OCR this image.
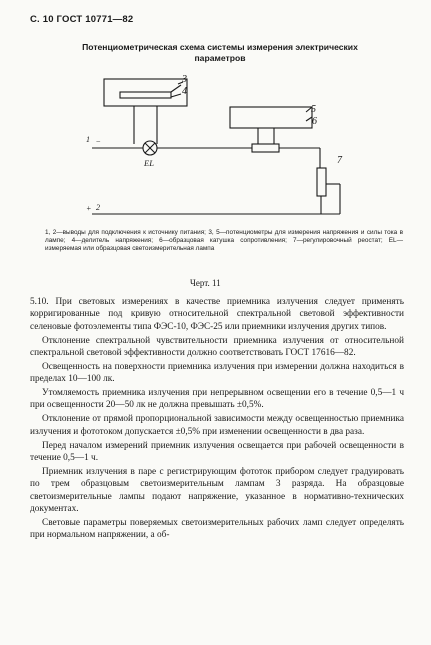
С. 10 ГОСТ 10771—82
Потенциометрическая схема системы измерения электрических параметров
3
4
5
6
7
1 −
+ 2
EL
1, 2—выводы для подключения к источнику питания; 3, 5—потенциометры для измерения напряжения и силы тока в лампе; 4—делитель напряжения; 6—образцовая катушка сопротивления; 7—регулировочный реостат; EL—измеряемая или образцовая светоизмерительная лампа
Черт. 11

5.10. При световых измерениях в качестве приемника излучения следует применять корригированные под кривую относительной спектральной световой эффективности селеновые фотоэлементы типа ФЭС-10, ФЭС-25 или приемники излучения других типов.

Отклонение спектральной чувствительности приемника излучения от относительной спектральной световой эффективности должно соответствовать ГОСТ 17616—82.

Освещенность на поверхности приемника излучения при измерении должна находиться в пределах 10—100 лк.

Утомляемость приемника излучения при непрерывном освещении его в течение 0,5—1 ч при освещенности 20—50 лк не должна превышать ±0,5%.

Отклонение от прямой пропорциональной зависимости между освещенностью приемника излучения и фототоком допускается ±0,5% при изменении освещенности в два раза.

Перед началом измерений приемник излучения освещается при рабочей освещенности в течение 0,5—1 ч.

Приемник излучения в паре с регистрирующим фототок прибором следует градуировать по трем образцовым светоизмерительным лампам 3 разряда. На образцовые светоизмерительные лампы подают напряжение, указанное в нормативно-технических документах.

Световые параметры поверяемых светоизмерительных рабочих ламп следует определять при нормальном напряжении, а об-
